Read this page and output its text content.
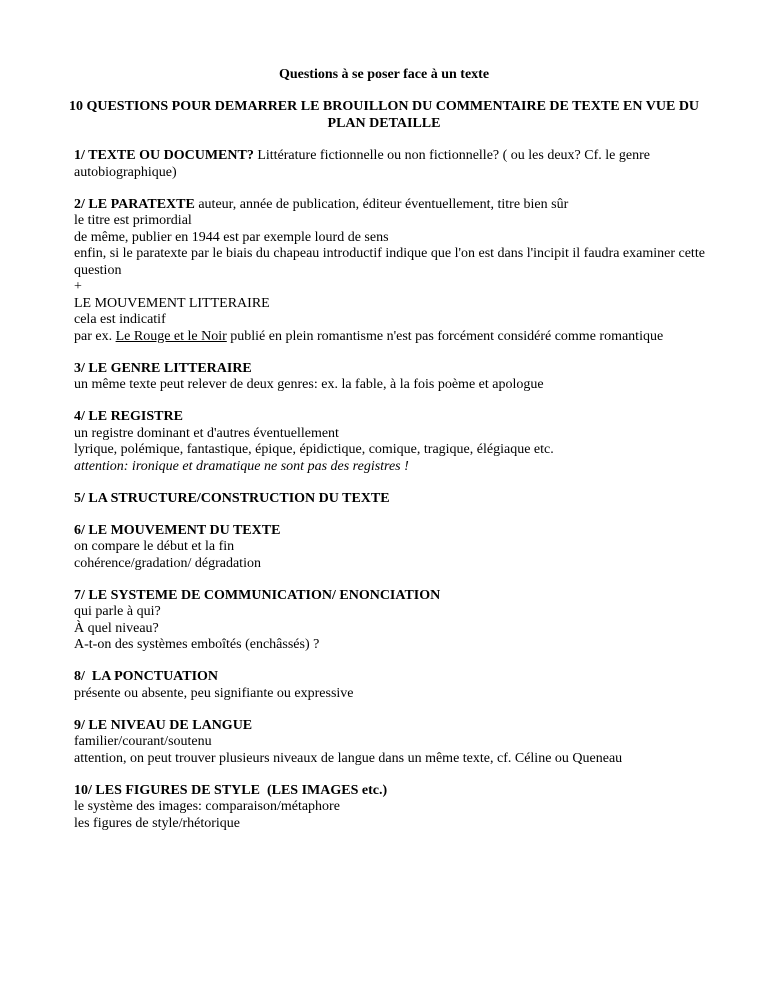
Questions à se poser face à un texte
10 QUESTIONS POUR DEMARRER LE BROUILLON DU COMMENTAIRE DE TEXTE EN VUE DU PLAN DETAILLE
1/ TEXTE OU DOCUMENT? Littérature fictionnelle ou non fictionnelle? ( ou les deux? Cf. le genre autobiographique)
2/ LE PARATEXTE auteur, année de publication, éditeur éventuellement, titre bien sûr
le titre est primordial
de même, publier en 1944 est par exemple lourd de sens
enfin, si le paratexte par le biais du chapeau introductif indique que l'on est dans l'incipit il faudra examiner cette question
+
LE MOUVEMENT LITTERAIRE
cela est indicatif
par ex. Le Rouge et le Noir publié en plein romantisme n'est pas forcément considéré comme romantique
3/ LE GENRE LITTERAIRE
un même texte peut relever de deux genres: ex. la fable, à la fois poème et apologue
4/ LE REGISTRE
un registre dominant et d'autres éventuellement
lyrique, polémique, fantastique, épique, épidictique, comique, tragique, élégiaque etc.
attention: ironique et dramatique ne sont pas des registres !
5/ LA STRUCTURE/CONSTRUCTION DU TEXTE
6/ LE MOUVEMENT DU TEXTE
on compare le début et la fin
cohérence/gradation/ dégradation
7/ LE SYSTEME DE COMMUNICATION/ ENONCIATION
qui parle à qui?
À quel niveau?
A-t-on des systèmes emboîtés (enchâssés) ?
8/  LA PONCTUATION
présente ou absente, peu signifiante ou expressive
9/ LE NIVEAU DE LANGUE
familier/courant/soutenu
attention, on peut trouver plusieurs niveaux de langue dans un même texte, cf. Céline ou Queneau
10/ LES FIGURES DE STYLE  (LES IMAGES etc.)
le système des images: comparaison/métaphore
les figures de style/rhétorique
